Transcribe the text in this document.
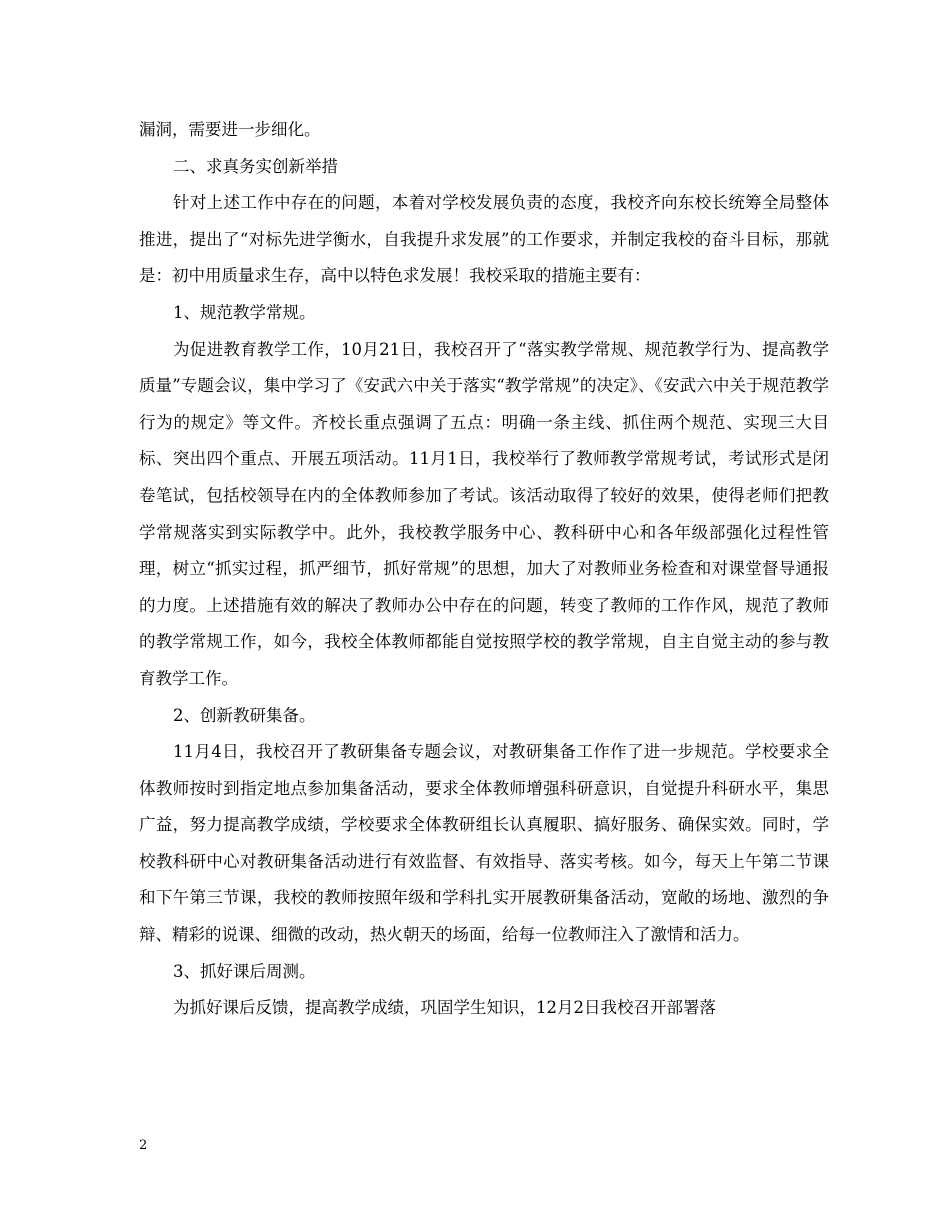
漏洞，需要进一步细化。

二、求真务实创新举措

针对上述工作中存在的问题，本着对学校发展负责的态度，我校齐向东校长统筹全局整体推进，提出了“对标先进学衡水，自我提升求发展”的工作要求，并制定我校的奋斗目标，那就是：初中用质量求生存，高中以特色求发展！我校采取的措施主要有：

1、规范教学常规。

为促进教育教学工作，10月21日，我校召开了“落实教学常规、规范教学行为、提高教学质量”专题会议，集中学习了《安武六中关于落实“教学常规”的决定》、《安武六中关于规范教学行为的规定》等文件。齐校长重点强调了五点：明确一条主线、抓住两个规范、实现三大目标、突出四个重点、开展五项活动。11月1日，我校举行了教师教学常规考试，考试形式是闭卷笔试，包括校领导在内的全体教师参加了考试。该活动取得了较好的效果，使得老师们把教学常规落实到实际教学中。此外，我校教学服务中心、教科研中心和各年级部强化过程性管理，树立“抓实过程，抓严细节，抓好常规”的思想，加大了对教师业务检查和对课堂督导通报的力度。上述措施有效的解决了教师办公中存在的问题，转变了教师的工作作风，规范了教师的教学常规工作，如今，我校全体教师都能自觉按照学校的教学常规，自主自觉主动的参与教育教学工作。

2、创新教研集备。

11月4日，我校召开了教研集备专题会议，对教研集备工作作了进一步规范。学校要求全体教师按时到指定地点参加集备活动，要求全体教师增强科研意识，自觉提升科研水平，集思广益，努力提高教学成绩，学校要求全体教研组长认真履职、搞好服务、确保实效。同时，学校教科研中心对教研集备活动进行有效监督、有效指导、落实考核。如今，每天上午第二节课和下午第三节课，我校的教师按照年级和学科扎实开展教研集备活动，宽敞的场地、激烈的争辩、精彩的说课、细微的改动，热火朝天的场面，给每一位教师注入了激情和活力。

3、抓好课后周测。

为抓好课后反馈，提高教学成绩，巩固学生知识，12月2日我校召开部署落

2
